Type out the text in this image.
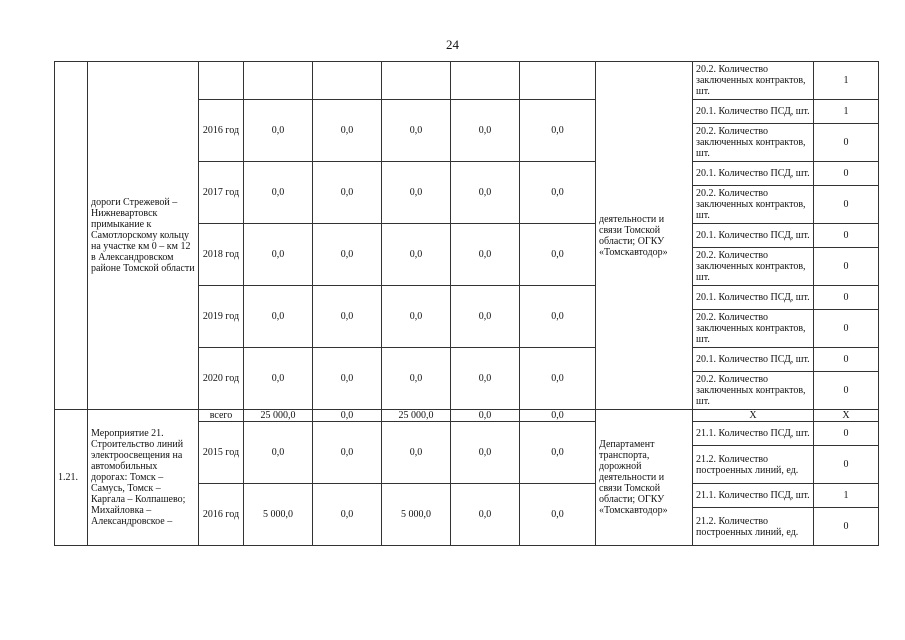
24
	дороги Стрежевой – Нижневартовск примыкание к Самотлорскому кольцу на участке км 0 – км 12 в Александровском районе Томской области							деятельности и связи Томской области; ОГКУ «Томскавтодор»	20.2. Количество заключенных контрактов, шт.	1
		2016 год	0,0	0,0	0,0	0,0	0,0		20.1. Количество ПСД, шт.	1
									20.2. Количество заключенных контрактов, шт.	0
		2017 год	0,0	0,0	0,0	0,0	0,0		20.1. Количество ПСД, шт.	0
									20.2. Количество заключенных контрактов, шт.	0
		2018 год	0,0	0,0	0,0	0,0	0,0		20.1. Количество ПСД, шт.	0
									20.2. Количество заключенных контрактов, шт.	0
		2019 год	0,0	0,0	0,0	0,0	0,0		20.1. Количество ПСД, шт.	0
									20.2. Количество заключенных контрактов, шт.	0
		2020 год	0,0	0,0	0,0	0,0	0,0		20.1. Количество ПСД, шт.	0
									20.2. Количество заключенных контрактов, шт.	0
1.21.	Мероприятие 21. Строительство линий электроосвещения на автомобильных дорогах: Томск – Самусь, Томск – Каргала – Колпашево; Михайловка – Александровское –	всего	25 000,0	0,0	25 000,0	0,0	0,0	Департамент транспорта, дорожной деятельности и связи Томской области; ОГКУ «Томскавтодор»	Х	Х
		2015 год	0,0	0,0	0,0	0,0	0,0		21.1. Количество ПСД, шт.	0
									21.2. Количество построенных линий, ед.	0
		2016 год	5 000,0	0,0	5 000,0	0,0	0,0		21.1. Количество ПСД, шт.	1
									21.2. Количество построенных линий, ед.	0
